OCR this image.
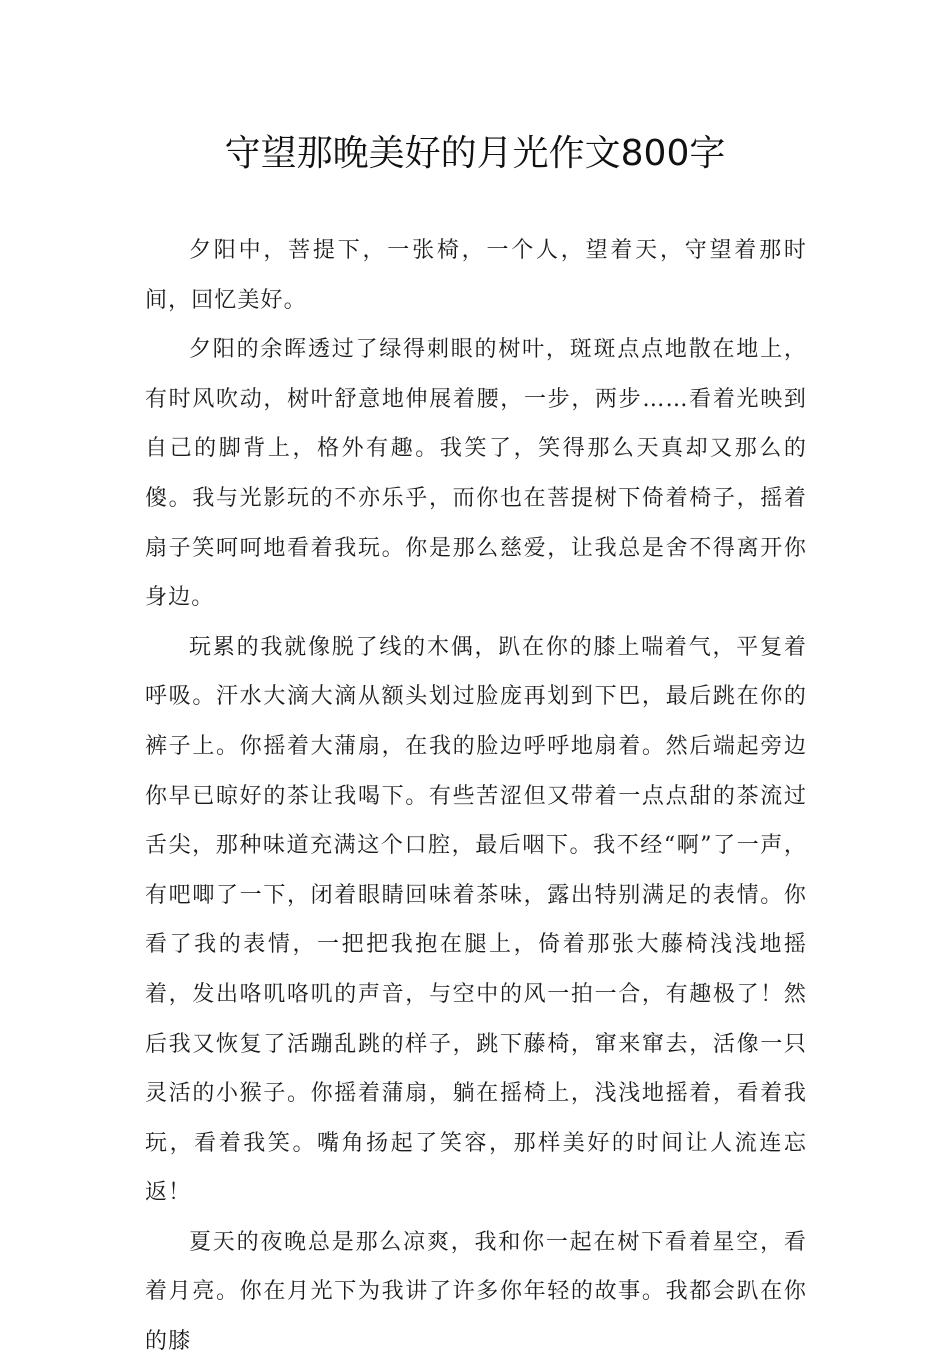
守望那晚美好的月光作文800字

夕阳中，菩提下，一张椅，一个人，望着天，守望着那时间，回忆美好。

夕阳的余晖透过了绿得刺眼的树叶，斑斑点点地散在地上，有时风吹动，树叶舒意地伸展着腰，一步，两步……看着光映到自己的脚背上，格外有趣。我笑了，笑得那么天真却又那么的傻。我与光影玩的不亦乐乎，而你也在菩提树下倚着椅子，摇着扇子笑呵呵地看着我玩。你是那么慈爱，让我总是舍不得离开你身边。

玩累的我就像脱了线的木偶，趴在你的膝上喘着气，平复着呼吸。汗水大滴大滴从额头划过脸庞再划到下巴，最后跳在你的裤子上。你摇着大蒲扇，在我的脸边呼呼地扇着。然后端起旁边你早已晾好的茶让我喝下。有些苦涩但又带着一点点甜的茶流过舌尖，那种味道充满这个口腔，最后咽下。我不经“啊”了一声，有吧唧了一下，闭着眼睛回味着茶味，露出特别满足的表情。你看了我的表情，一把把我抱在腿上，倚着那张大藤椅浅浅地摇着，发出咯叽咯叽的声音，与空中的风一拍一合，有趣极了！然后我又恢复了活蹦乱跳的样子，跳下藤椅，窜来窜去，活像一只灵活的小猴子。你摇着蒲扇，躺在摇椅上，浅浅地摇着，看着我玩，看着我笑。嘴角扬起了笑容，那样美好的时间让人流连忘返！

夏天的夜晚总是那么凉爽，我和你一起在树下看着星空，看着月亮。你在月光下为我讲了许多你年轻的故事。我都会趴在你的膝
